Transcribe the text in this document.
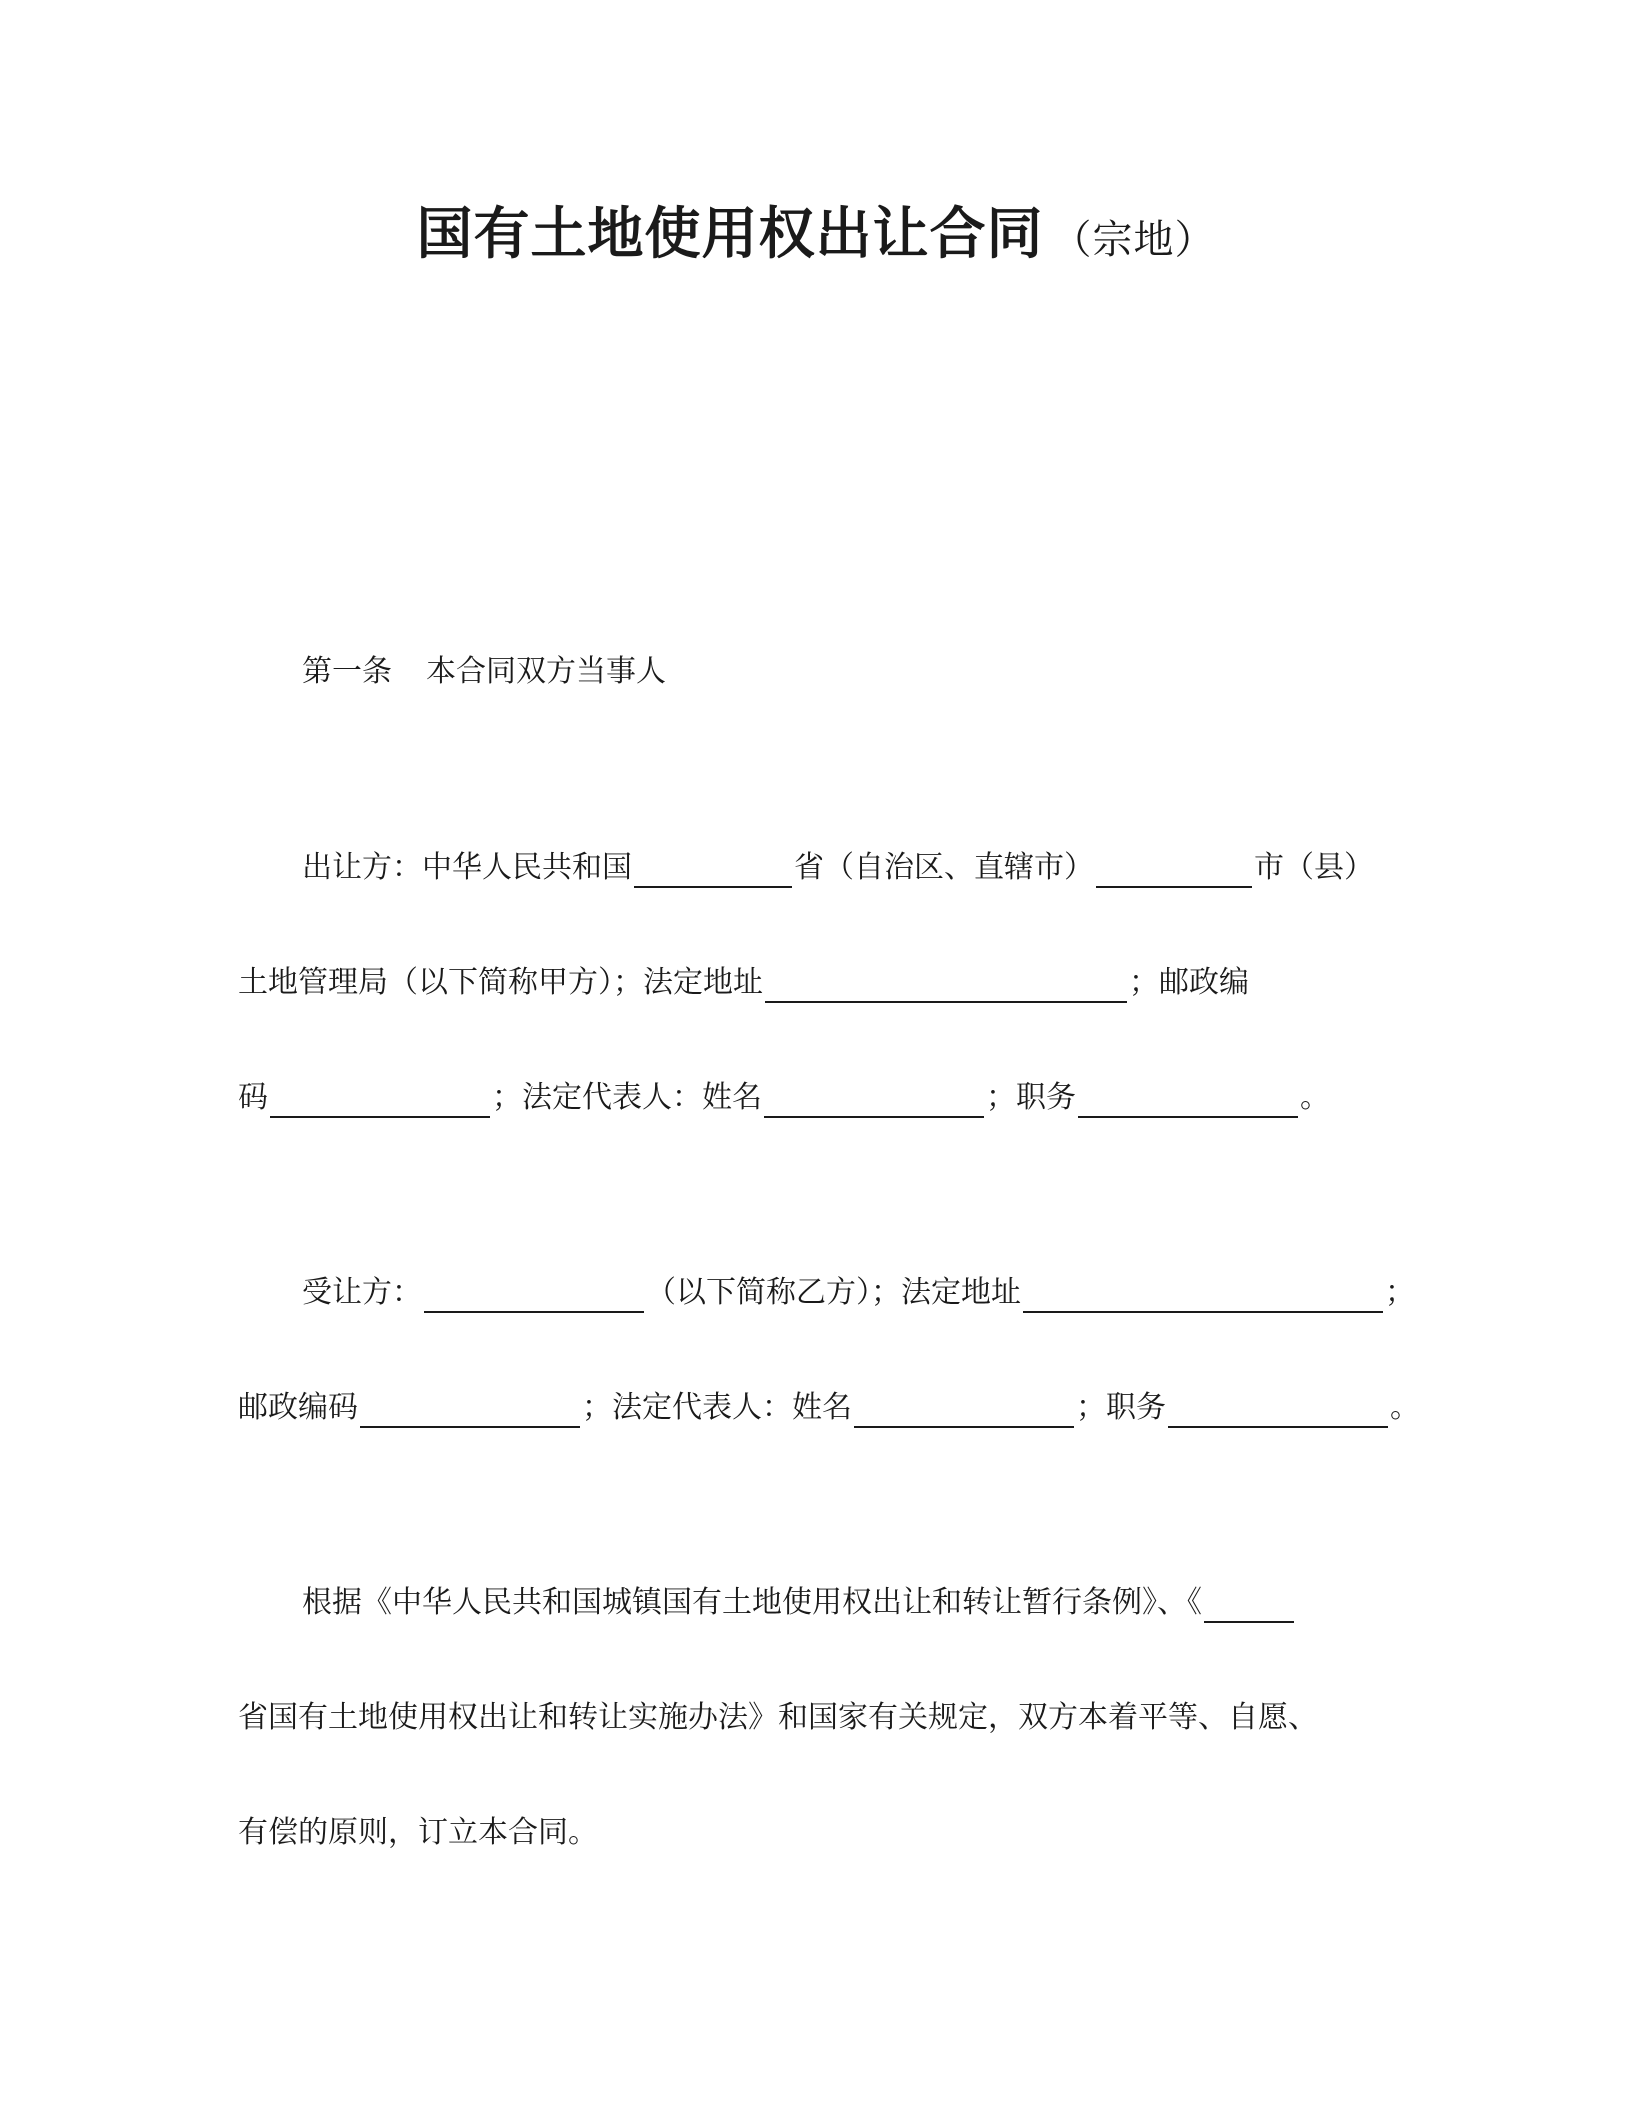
国有土地使用权出让合同 （宗地）
第一条 本合同双方当事人
出让方：中华人民共和国	省（自治区、直辖市）	市（县）
土地管理局（以下简称甲方）；法定地址	；邮政编
码	；法定代表人：姓名	；职务	。
受让方：	（以下简称乙方）；法定地址	；
邮政编码	；法定代表人：姓名	；职务	。
根据《中华人民共和国城镇国有土地使用权出让和转让暂行条例》、《
省国有土地使用权出让和转让实施办法》和国家有关规定，双方本着平等、自愿、
有偿的原则，订立本合同。
